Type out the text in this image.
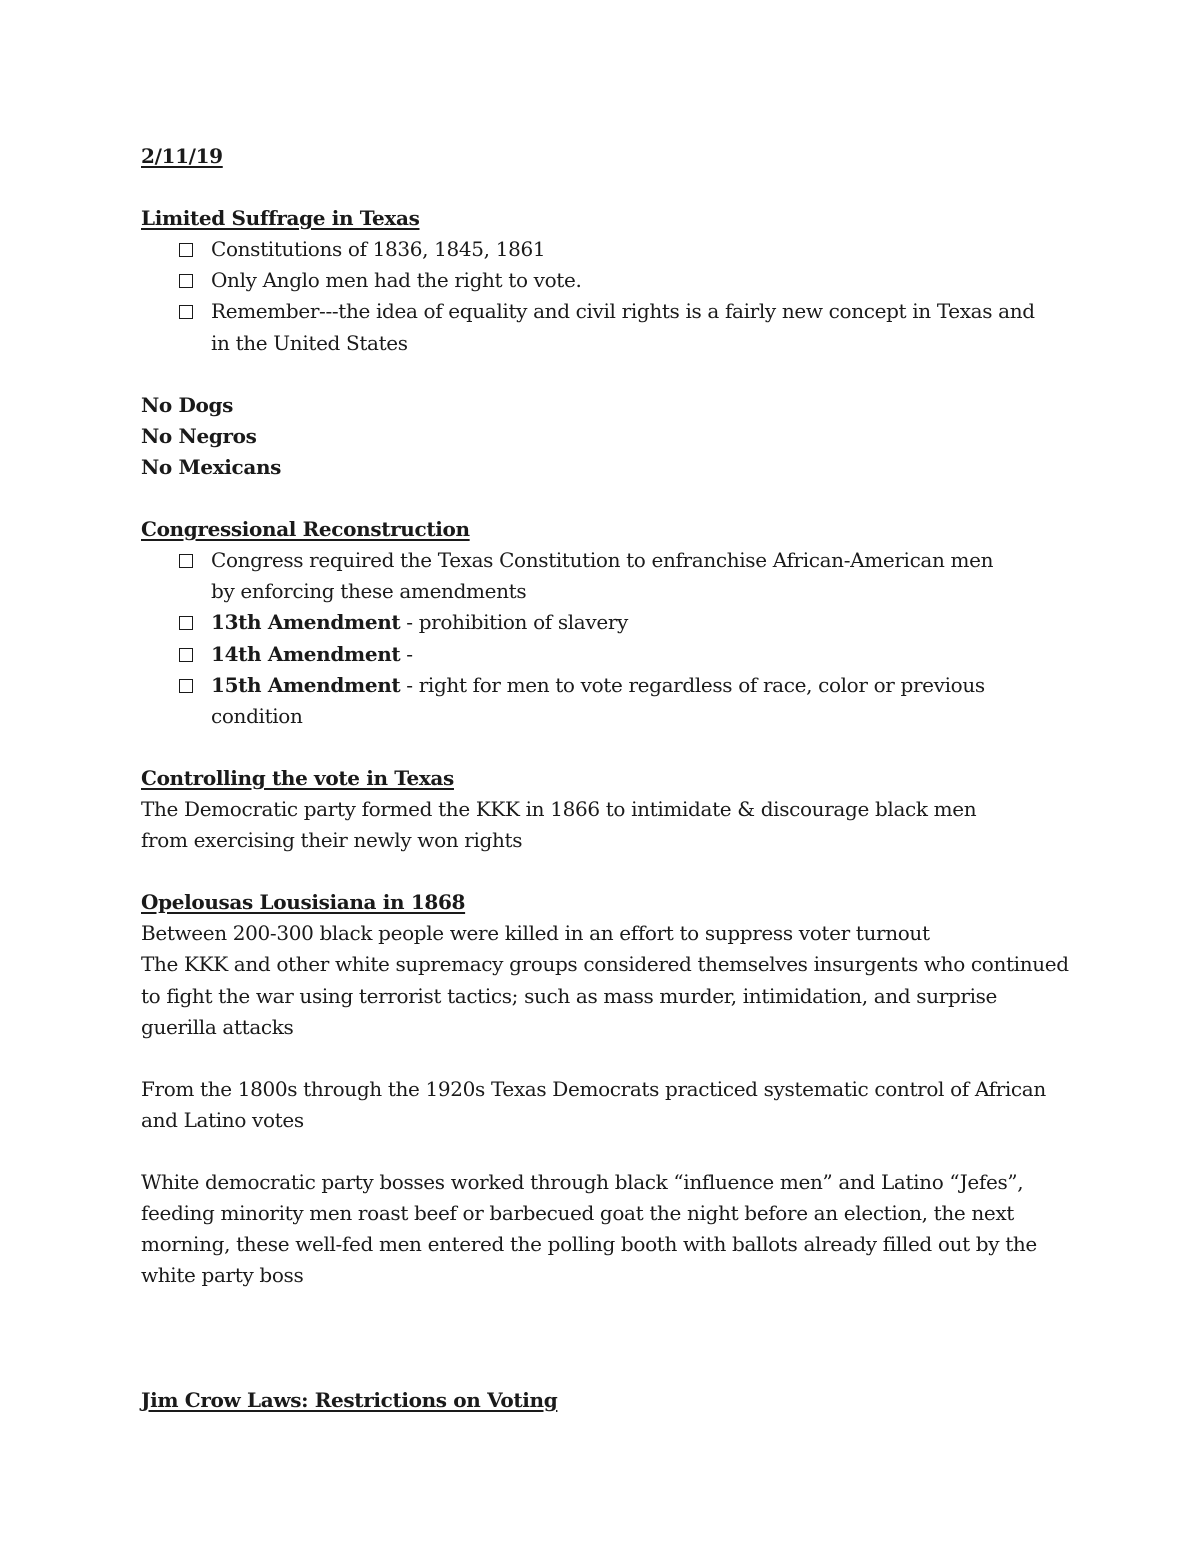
2/11/19

Limited Suffrage in Texas

Constitutions of 1836, 1845, 1861
Only Anglo men had the right to vote.
Remember---the idea of equality and civil rights is a fairly new concept in Texas and in the United States

No Dogs

No Negros

No Mexicans

Congressional Reconstruction

Congress required the Texas Constitution to enfranchise African-American men by enforcing these amendments
13th Amendment - prohibition of slavery
14th Amendment -
15th Amendment - right for men to vote regardless of race, color or previous condition

Controlling the vote in Texas

The Democratic party formed the KKK in 1866 to intimidate & discourage black men from exercising their newly won rights

Opelousas Lousisiana in 1868

Between 200-300 black people were killed in an effort to suppress voter turnout

The KKK and other white supremacy groups considered themselves insurgents who continued to fight the war using terrorist tactics; such as mass murder, intimidation, and surprise guerilla attacks

From the 1800s through the 1920s Texas Democrats practiced systematic control of African and Latino votes

White democratic party bosses worked through black “influence men” and Latino “Jefes”, feeding minority men roast beef or barbecued goat the night before an election, the next morning, these well-fed men entered the polling booth with ballots already filled out by the white party boss

Jim Crow Laws: Restrictions on Voting
